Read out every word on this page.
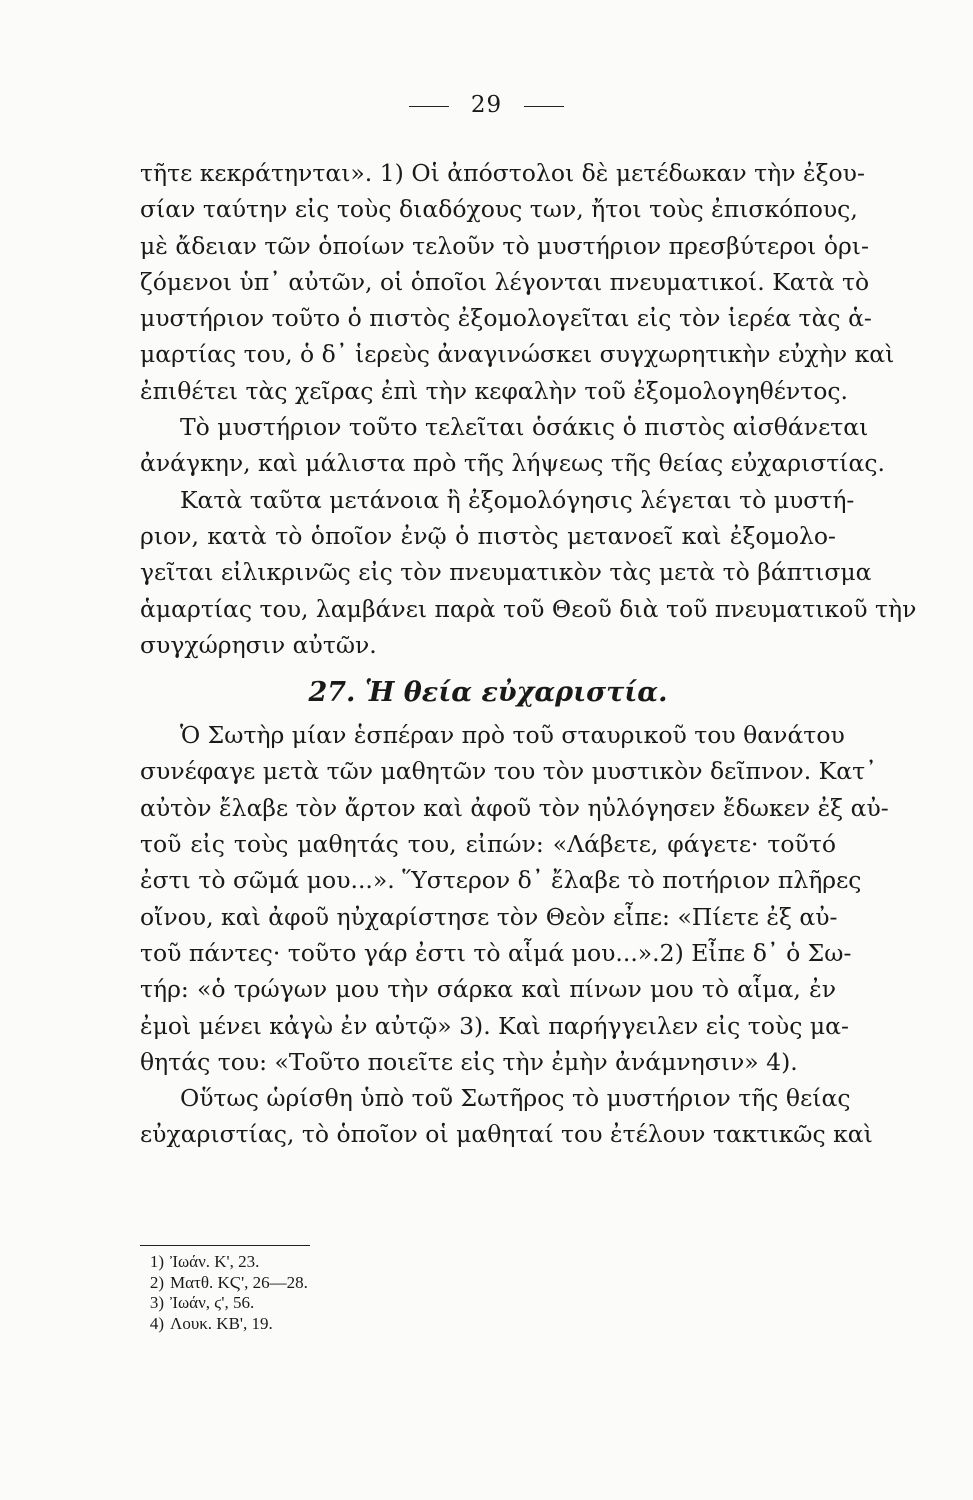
29
τῆτε κεκράτηνται». 1) Οἱ ἀπόστολοι δὲ μετέδωκαν τὴν ἐξου-
σίαν ταύτην εἰς τοὺς διαδόχους των, ἤτοι τοὺς ἐπισκόπους,
μὲ ἄδειαν τῶν ὁποίων τελοῦν τὸ μυστήριον πρεσβύτεροι ὁρι-
ζόμενοι ὑπ᾽ αὐτῶν, οἱ ὁποῖοι λέγονται πνευματικοί. Κατὰ τὸ
μυστήριον τοῦτο ὁ πιστὸς ἐξομολογεῖται εἰς τὸν ἱερέα τὰς ἁ-
μαρτίας του, ὁ δ᾽ ἱερεὺς ἀναγινώσκει συγχωρητικὴν εὐχὴν καὶ
ἐπιθέτει τὰς χεῖρας ἐπὶ τὴν κεφαλὴν τοῦ ἐξομολογηθέντος.
Τὸ μυστήριον τοῦτο τελεῖται ὁσάκις ὁ πιστὸς αἰσθάνεται
ἀνάγκην, καὶ μάλιστα πρὸ τῆς λήψεως τῆς θείας εὐχαριστίας.
Κατὰ ταῦτα μετάνοια ἢ ἐξομολόγησις λέγεται τὸ μυστή-
ριον, κατὰ τὸ ὁποῖον ἐνῷ ὁ πιστὸς μετανοεῖ καὶ ἐξομολο-
γεῖται εἰλικρινῶς εἰς τὸν πνευματικὸν τὰς μετὰ τὸ βάπτισμα
ἁμαρτίας του, λαμβάνει παρὰ τοῦ Θεοῦ διὰ τοῦ πνευματικοῦ τὴν
συγχώρησιν αὐτῶν.
27. Ἡ θεία εὐχαριστία.
Ὁ Σωτὴρ μίαν ἑσπέραν πρὸ τοῦ σταυρικοῦ του θανάτου
συνέφαγε μετὰ τῶν μαθητῶν του τὸν μυστικὸν δεῖπνον. Κατ᾽
αὐτὸν ἔλαβε τὸν ἄρτον καὶ ἀφοῦ τὸν ηὐλόγησεν ἔδωκεν ἐξ αὐ-
τοῦ εἰς τοὺς μαθητάς του, εἰπών: «Λάβετε, φάγετε· τοῦτό
ἐστι τὸ σῶμά μου...». Ὕστερον δ᾽ ἔλαβε τὸ ποτήριον πλῆρες
οἴνου, καὶ ἀφοῦ ηὐχαρίστησε τὸν Θεὸν εἶπε: «Πίετε ἐξ αὐ-
τοῦ πάντες· τοῦτο γάρ ἐστι τὸ αἷμά μου...».2) Εἶπε δ᾽ ὁ Σω-
τήρ: «ὁ τρώγων μου τὴν σάρκα καὶ πίνων μου τὸ αἷμα, ἐν
ἐμοὶ μένει κἀγὼ ἐν αὐτῷ» 3). Καὶ παρήγγειλεν εἰς τοὺς μα-
θητάς του: «Τοῦτο ποιεῖτε εἰς τὴν ἐμὴν ἀνάμνησιν» 4).
Οὕτως ὡρίσθη ὑπὸ τοῦ Σωτῆρος τὸ μυστήριον τῆς θείας
εὐχαριστίας, τὸ ὁποῖον οἱ μαθηταί του ἐτέλουν τακτικῶς καὶ
1) Ἰωάν. Κ', 23.
2) Ματθ. ΚϚ', 26—28.
3) Ἰωάν, ϛ', 56.
4) Λουκ. ΚΒ', 19.
